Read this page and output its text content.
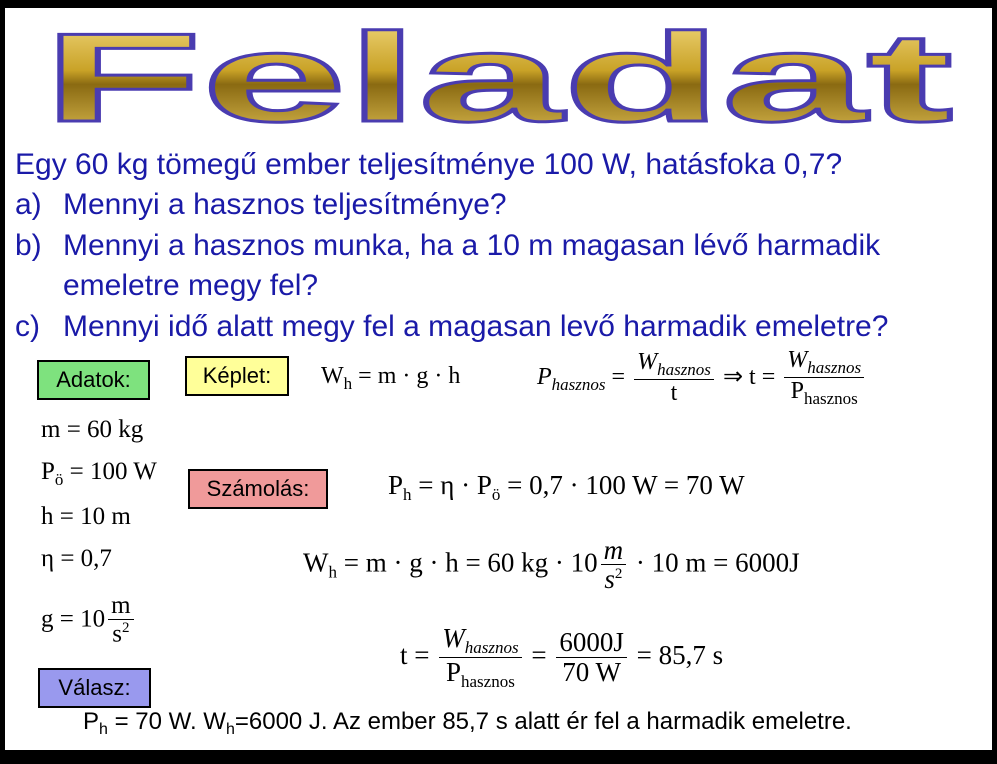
Feladat
Egy 60 kg tömegű ember teljesítménye 100 W, hatásfoka 0,7?
a) Mennyi a hasznos teljesítménye?
b) Mennyi a hasznos munka, ha a 10 m magasan lévő harmadik
emeletre megy fel?
c) Mennyi idő alatt megy fel a magasan levő harmadik emeletre?
Adatok:	Képlet:
Számolás:
Válasz:
$W_h = m \cdot g \cdot h$	$P_{hasznos} = \frac{W_{hasznos}}{t}$ ⇒ $t = \frac{W_{hasznos}}{P_{hasznos}}$
m = 60 kg
$P_ö = 100$ W
h = 10 m
η = 0,7
$g = 10 \frac{m}{s^2}$
$P_h = \eta \cdot P_ö = 0,7 \cdot 100$ W = 70 W
$W_h = m \cdot g \cdot h = 60$ kg · $10 \frac{m}{s^2} \cdot 10$ m = 6000J
$t = \frac{W_{hasznos}}{P_{hasznos}} = \frac{6000J}{70 W} = 85,7$ s
$P_h = 70$ W. $W_h=6000$ J. Az ember 85,7 s alatt ér fel a harmadik emeletre.
